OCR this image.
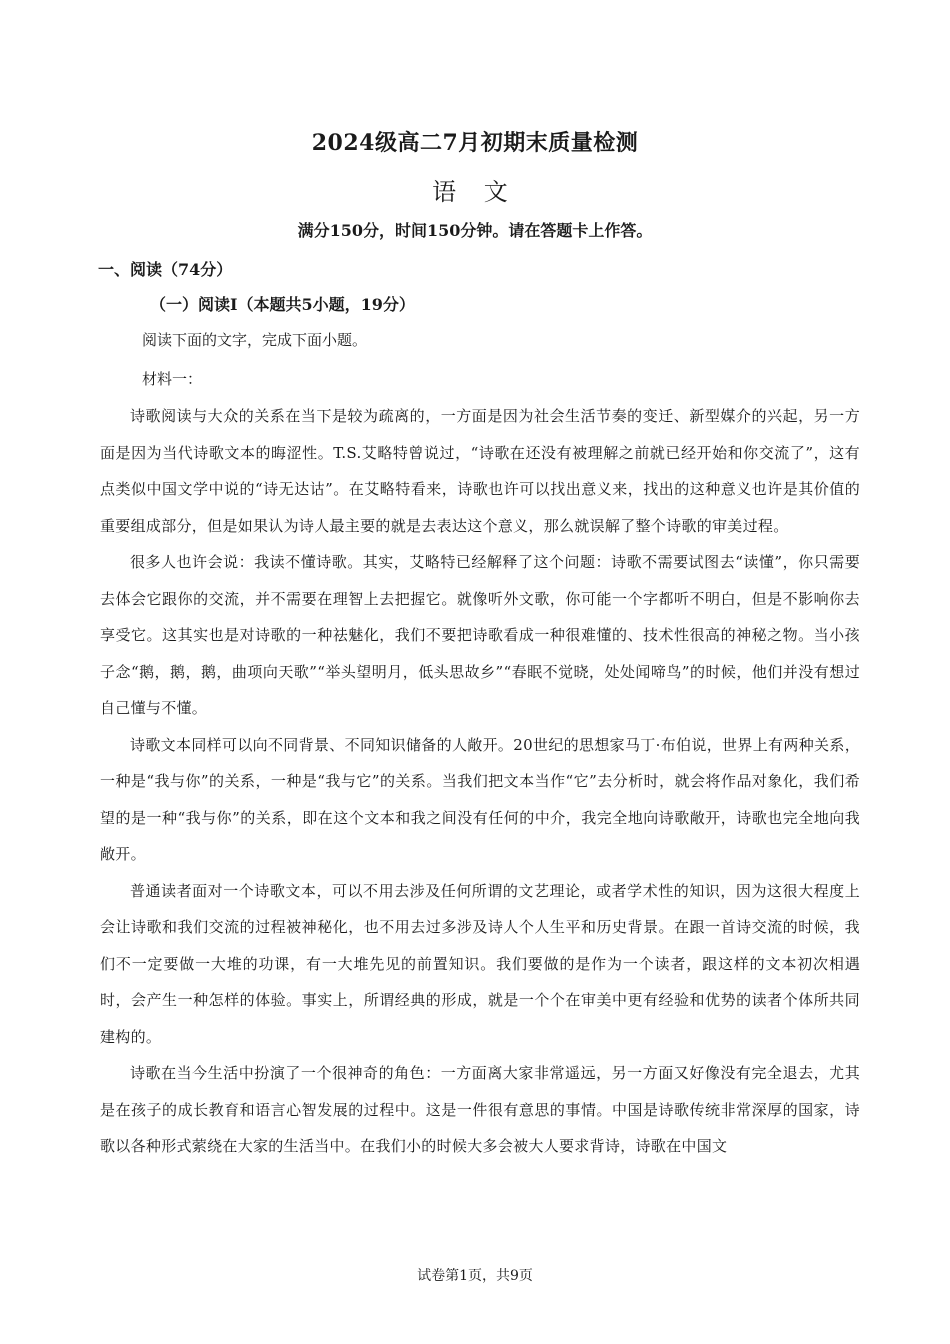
2024级高二7月初期末质量检测
语 文
满分150分，时间150分钟。请在答题卡上作答。
一、阅读（74分）
（一）阅读I（本题共5小题，19分）
阅读下面的文字，完成下面小题。
材料一：

诗歌阅读与大众的关系在当下是较为疏离的，一方面是因为社会生活节奏的变迁、新型媒介的兴起，另一方面是因为当代诗歌文本的晦涩性。T.S.艾略特曾说过，“诗歌在还没有被理解之前就已经开始和你交流了”，这有点类似中国文学中说的“诗无达诂”。在艾略特看来，诗歌也许可以找出意义来，找出的这种意义也许是其价值的重要组成部分，但是如果认为诗人最主要的就是去表达这个意义，那么就误解了整个诗歌的审美过程。

很多人也许会说：我读不懂诗歌。其实，艾略特已经解释了这个问题：诗歌不需要试图去“读懂”，你只需要去体会它跟你的交流，并不需要在理智上去把握它。就像听外文歌，你可能一个字都听不明白，但是不影响你去享受它。这其实也是对诗歌的一种祛魅化，我们不要把诗歌看成一种很难懂的、技术性很高的神秘之物。当小孩子念“鹅，鹅，鹅，曲项向天歌”“举头望明月，低头思故乡”“春眠不觉晓，处处闻啼鸟”的时候，他们并没有想过自己懂与不懂。

诗歌文本同样可以向不同背景、不同知识储备的人敞开。20世纪的思想家马丁·布伯说，世界上有两种关系，一种是“我与你”的关系，一种是“我与它”的关系。当我们把文本当作“它”去分析时，就会将作品对象化，我们希望的是一种“我与你”的关系，即在这个文本和我之间没有任何的中介，我完全地向诗歌敞开，诗歌也完全地向我敞开。

普通读者面对一个诗歌文本，可以不用去涉及任何所谓的文艺理论，或者学术性的知识，因为这很大程度上会让诗歌和我们交流的过程被神秘化，也不用去过多涉及诗人个人生平和历史背景。在跟一首诗交流的时候，我们不一定要做一大堆的功课，有一大堆先见的前置知识。我们要做的是作为一个读者，跟这样的文本初次相遇时，会产生一种怎样的体验。事实上，所谓经典的形成，就是一个个在审美中更有经验和优势的读者个体所共同建构的。

诗歌在当今生活中扮演了一个很神奇的角色：一方面离大家非常遥远，另一方面又好像没有完全退去，尤其是在孩子的成长教育和语言心智发展的过程中。这是一件很有意思的事情。中国是诗歌传统非常深厚的国家，诗歌以各种形式萦绕在大家的生活当中。在我们小的时候大多会被大人要求背诗，诗歌在中国文

试卷第1页，共9页
